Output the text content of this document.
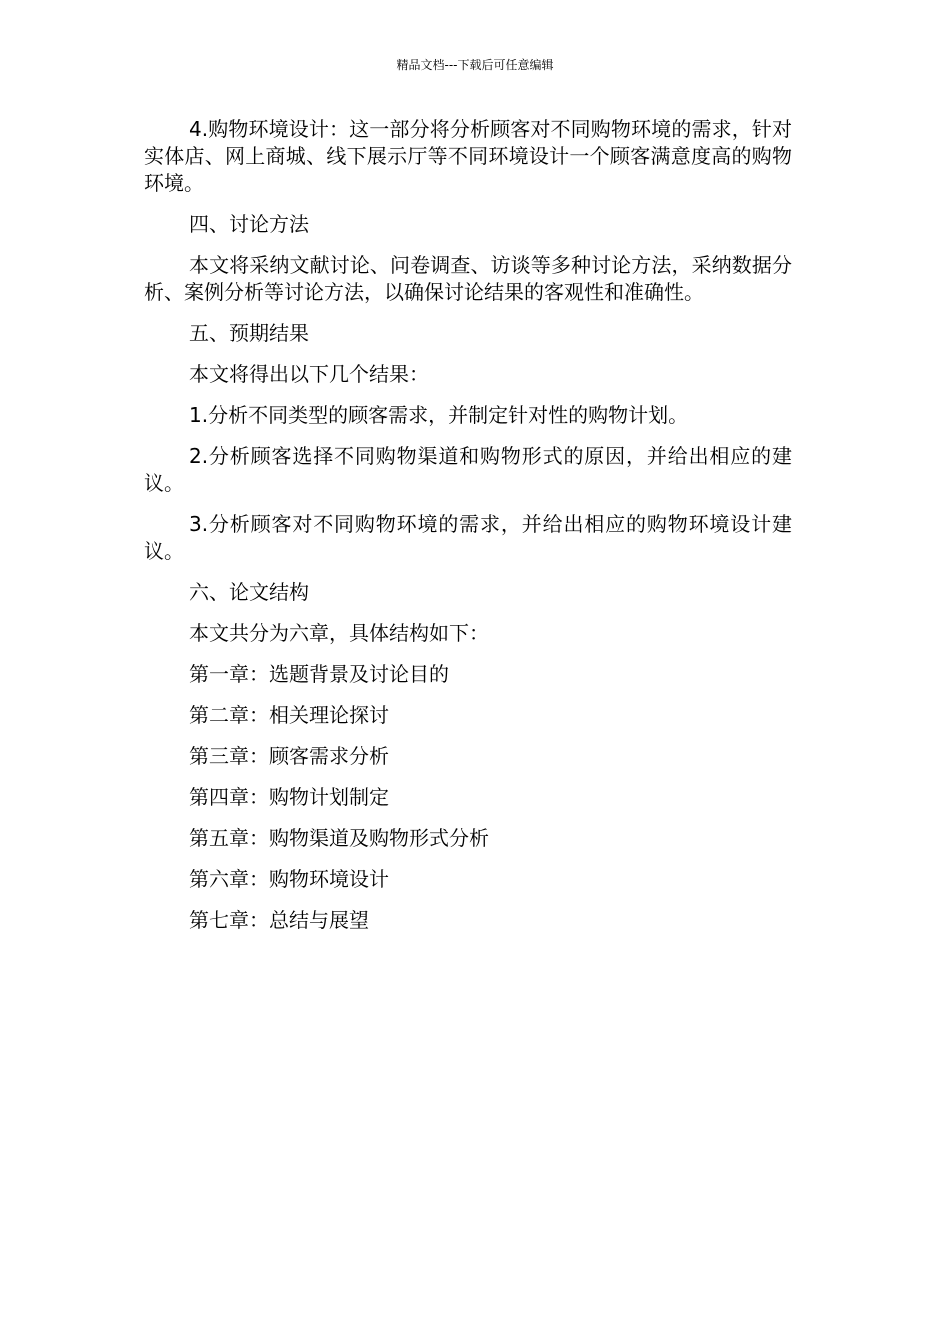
精品文档---下载后可任意编辑

4.购物环境设计：这一部分将分析顾客对不同购物环境的需求，针对实体店、网上商城、线下展示厅等不同环境设计一个顾客满意度高的购物环境。

四、讨论方法

本文将采纳文献讨论、问卷调查、访谈等多种讨论方法，采纳数据分析、案例分析等讨论方法，以确保讨论结果的客观性和准确性。

五、预期结果

本文将得出以下几个结果：

1.分析不同类型的顾客需求，并制定针对性的购物计划。

2.分析顾客选择不同购物渠道和购物形式的原因，并给出相应的建议。

3.分析顾客对不同购物环境的需求，并给出相应的购物环境设计建议。

六、论文结构

本文共分为六章，具体结构如下：

第一章：选题背景及讨论目的

第二章：相关理论探讨

第三章：顾客需求分析

第四章：购物计划制定

第五章：购物渠道及购物形式分析

第六章：购物环境设计

第七章：总结与展望
